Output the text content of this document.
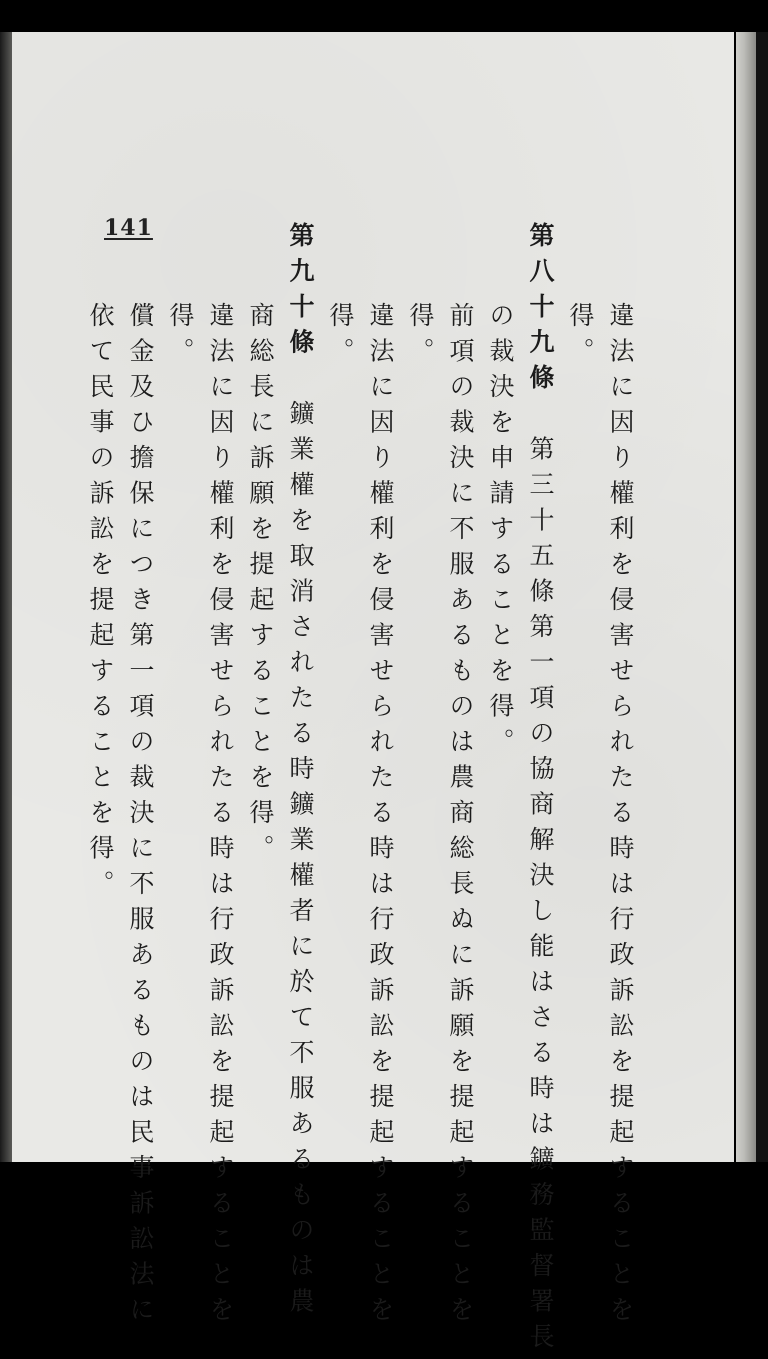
141
違法に因り權利を侵害せられたる時は行政訴訟を提起することを
得。
第八十九條第三十五條第一項の協商解決し能はさる時は鑛務監督署長
の裁決を申請することを得。
前項の裁決に不服あるものは農商総長ぬに訴願を提起することを
得。
違法に因り權利を侵害せられたる時は行政訴訟を提起することを
得。
第九十條鑛業權を取消されたる時鑛業權者に於て不服あるものは農
商総長に訴願を提起することを得。
違法に因り權利を侵害せられたる時は行政訴訟を提起することを
得。
償金及ひ擔保につき第一項の裁決に不服あるものは民事訴訟法に
依て民事の訴訟を提起することを得。
